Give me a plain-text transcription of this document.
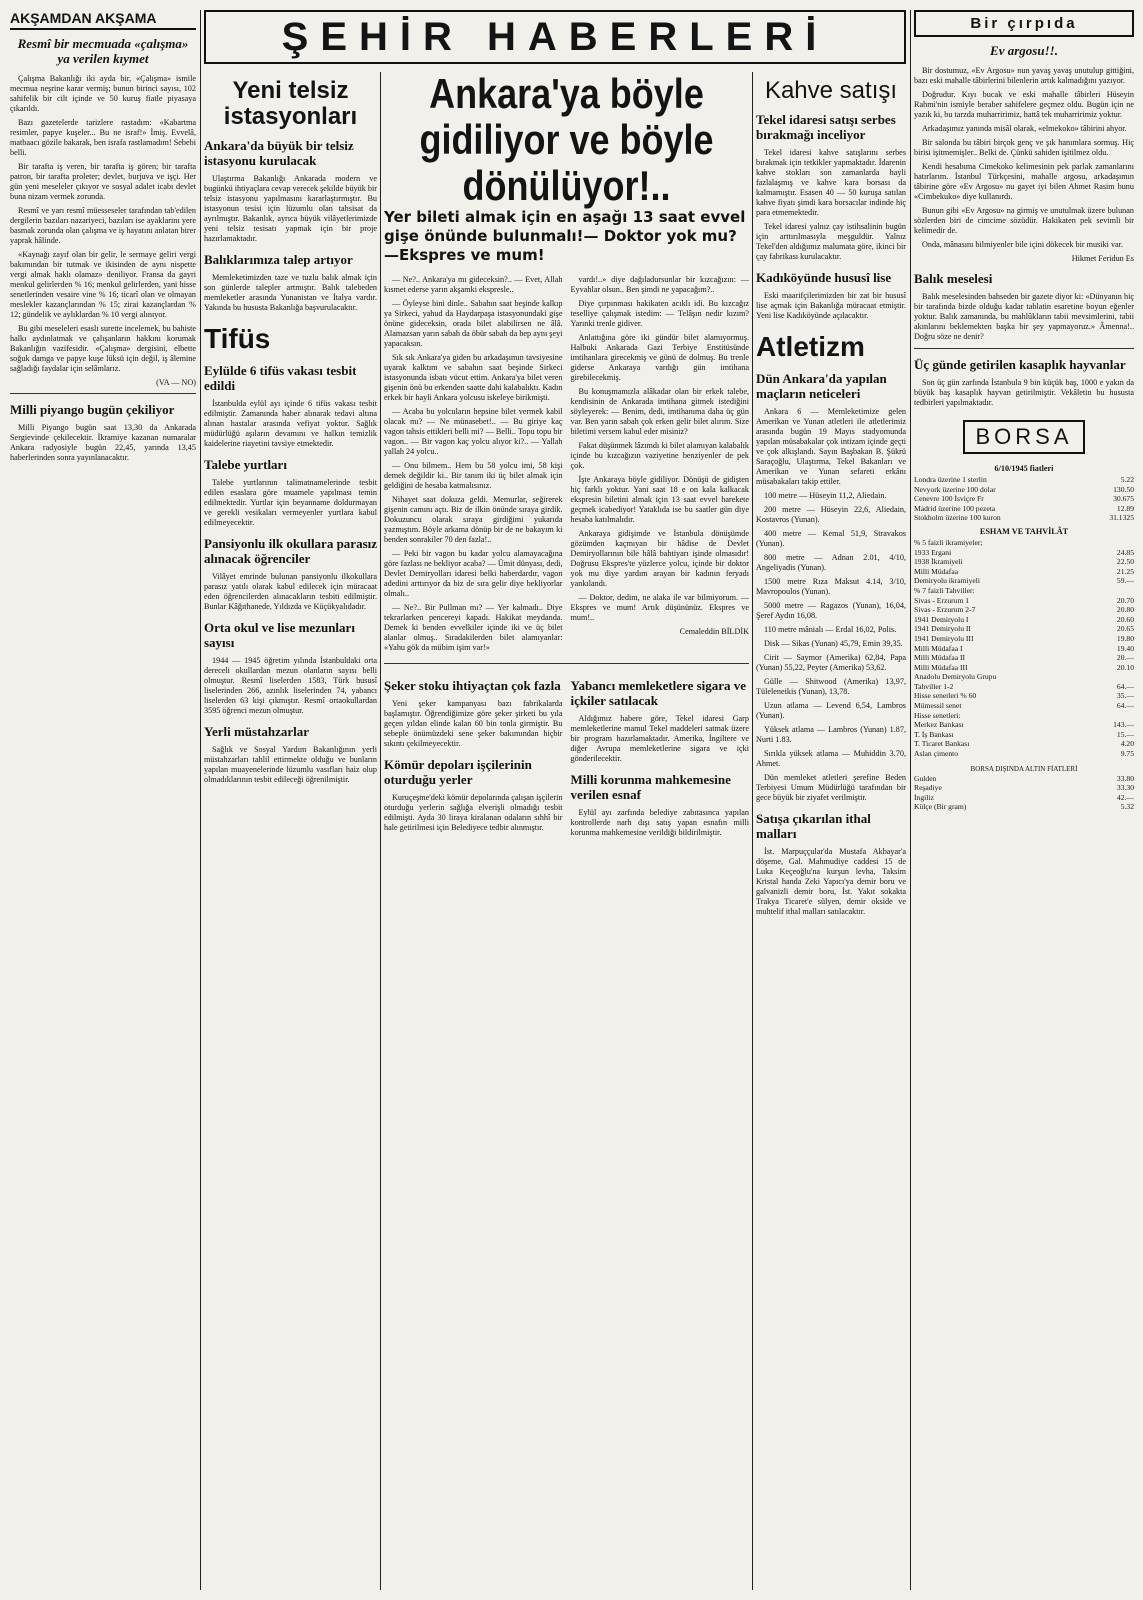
ŞEHİR HABERLERİ
AKŞAMDAN AKŞAMA
Resmî bir mecmuada «çalışma» ya verilen kıymet

Çalışma Bakanlığı iki ayda bir, «Çalışma» ismile mecmua neşrine karar vermiş; bunun birinci sayısı, 102 sahifelik bir cilt içinde ve 50 kuruş fiatle piyasaya çıkarıldı.

Bazı gazetelerde tarizlere rastadım: «Kabartma resimler, papye kuşeler... Bu ne israf!» İmiş. Evvelâ, matbaacı gözile bakarak, ben israfa rastlamadım! Sebebi belli.

Bir tarafta iş veren, bir tarafta iş gören; bir tarafta patron, bir tarafta proleter; devlet, burjuva ve işçi. Her gün yeni meseleler çıkıyor ve sosyal adalet icabı devlet buna nizam vermek zorunda.

Resmî ve yarı resmî müesseseler tarafından tab'edilen dergilerin bazıları nazariyeci, bazıları ise ayaklarını yere basmak zorunda olan çalışma ve iş hayatını anlatan birer yaprak hâlinde.

«Kaynağı zayıf olan bir gelir, le sermaye geliri vergi bakımından bir tutmak ve ikisinden de aynı nispette vergi almak haklı olamaz» deniliyor. Fransa da gayri menkul gelirlerden % 16; menkul gelirlerden, yani hisse senetlerinden vesaire vine % 16; ticarî olan ve olmayan meslekler kazançlarından % 15; zirai kazançlardan % 12; gündelik ve aylıklardan % 10 vergi alınıyor.

Bu gibi meseleleri esaslı surette incelemek, bu bahiste halkı aydınlatmak ve çalışanların hakkını korumak Bakanlığın vazifesidir. «Çalışma» dergisini, elbette soğuk damga ve papye kuşe lüksü için değil, iş âlemine sağladığı faydalar için selâmlarız.

(VA — NO)
Milli piyango bugün çekiliyor

Milli Piyango bugün saat 13,30 da Ankarada Sergievinde çekilecektir. İkramiye kazanan numaralar Ankara radyosiyle bugün 22,45, yarında 13,45 haberlerinden sonra yayınlanacaktır.

Yeni telsiz istasyonları
Ankara'da büyük bir telsiz istasyonu kurulacak

Ulaştırma Bakanlığı Ankarada modern ve bugünkü ihtiyaçlara cevap verecek şekilde büyük bir telsiz istasyonu yapılmasını kararlaştırmıştır. Bu istasyonun tesisi için lüzumlu olan tahsisat da ayrılmıştır. Bakanlık, ayrıca büyük vilâyetlerimizde yeni telsiz tesisatı yapmak için bir proje hazırlamaktadır.

Balıklarımıza talep artıyor

Memleketimizden taze ve tuzlu balık almak için son günlerde talepler artmıştır. Balık talebeden memleketler arasında Yunanistan ve İtalya vardır. Yakında bu hususta Bakanlığa başvurulacaktır.

Tifüs
Eylülde 6 tifüs vakası tesbit edildi

İstanbulda eylül ayı içinde 6 tifüs vakası tesbit edilmiştir. Zamanında haber alınarak tedavi altına alınan hastalar arasında vefiyat yoktur. Sağlık müdürlüğü aşıların devamını ve halkın temizlik kaidelerine riayetini tavsiye etmektedir.

Talebe yurtları

Talebe yurtlarının talimatnamelerinde tesbit edilen esaslara göre muamele yapılması temin edilmektedir. Yurtlar için beyanname doldurmayan ve gerekli vesikaları vermeyenler yurtlara kabul edilmeyecektir.

Pansiyonlu ilk okullara parasız alınacak öğrenciler

Vilâyet emrinde bulunan pansiyonlu ilkokullara parasız yatılı olarak kabul edilecek için müracaat eden öğrencilerden alınacakların tesbiti edilmiştir. Bunlar Kâğıthanede, Yıldızda ve Küçükyalıdadır.

Orta okul ve lise mezunları sayısı

1944 — 1945 öğretim yılında İstanbuldaki orta dereceli okullardan mezun olanların sayısı belli olmuştur. Resmî liselerden 1583, Türk hususî liselerinden 266, azınlık liselerinden 74, yabancı liselerden 63 kişi çıkmıştır. Resmî ortaokullardan 3595 öğrenci mezun olmuştur.

Yerli müstahzarlar

Sağlık ve Sosyal Yardım Bakanlığının yerli müstahzarları tahlil ettirmekte olduğu ve bunların yapılan muayenelerinde lüzumlu vasıfları haiz olup olmadıklarının tesbit edileceği öğrenilmiştir.

Ankara'ya böyle gidiliyor ve böyle dönülüyor!..
Yer bileti almak için en aşağı 13 saat evvel gişe önünde bulunmalı!— Doktor yok mu? —Ekspres ve mum!

— Ne?.. Ankara'ya mı gideceksin?.. — Evet, Allah kısmet ederse yarın akşamki ekspresle..

— Öyleyse bini dinle.. Sabahın saat beşinde kalkıp ya Sirkeci, yahud da Haydarpaşa istasyonundaki gişe önüne gideceksin, orada bilet alabilirsen ne âlâ. Alamazsan yarın sabah da öbür sabah da hep aynı şeyi yapacaksın.

Sık sık Ankara'ya giden bu arkadaşımın tavsiyesine uyarak kalktım ve sabahın saat beşinde Sirkeci istasyonunda isbatı vücut ettim. Ankara'ya bilet veren gişenin önü bu erkenden saatte dahi kalabalıktı. Kadın erkek bir hayli Ankara yolcusu iskeleye birikmişti.

— Acaba bu yolcuların hepsine bilet vermek kabil olacak mı? — Ne münasebet!.. — Bu giriye kaç vagon tahsis ettikleri belli mi? — Belli.. Topu topu bir vagon.. — Bir vagon kaç yolcu alıyor ki?.. — Yallah yallah 24 yolcu..

— Onu bilmem.. Hem bu 58 yolcu imi, 58 kişi demek değildir ki.. Bir tanım iki üç bilet almak için geldiğini de hesaba katmalısınız.

Nihayet saat dokuza geldi. Memurlar, seğirerek gişenin camını açtı. Biz de ilkin önünde sıraya girdik. Dokuzuncu olarak sıraya girdiğimi yukarıda yazmıştım. Böyle arkama dönüp bir de ne bakayım ki benden sonrakiler 70 den fazla!..

— Peki bir vagon bu kadar yolcu alamayacağına göre fazlası ne bekliyor acaba? — Ümit dünyası, dedi, Devlet Demiryolları idaresi belki haberdardır, vagon adedini arttırıyor da biz de sıra gelir diye bekliyorlar olmalı..

— Ne?.. Bir Pullman mı? — Yer kalmadı.. Diye tekrarlarken pencereyi kapadı. Hakikat meydanda. Demek ki benden evvelkiler içinde iki ve üç bilet alanlar olmuş.. Sıradakilerden bilet alamıyanlar: «Yahu gök da mübim işim var!»

vardı!..» diye dağıladursunlar bir kızcağızın: — Eyvahlar olsun.. Ben şimdi ne yapacağım?..

Diye çırpınması hakikaten acıklı idi. Bu kızcağız teselliye çalışmak istedim: — Telâşın nedir kızım? Yarınki trenle gidiver.

Anlattığına göre iki gündür bilet alamıyormuş. Halbuki Ankarada Gazi Terbiye Enstitüsünde imtihanlara girecekmiş ve günü de dolmuş. Bu trenle giderse Ankaraya vardığı gün imtihana girebilecekmiş.

Bu konuşmamızla alâkadar olan bir erkek talebe, kendisinin de Ankarada imtihana gitmek istediğini söyleyerek: — Benim, dedi, imtihanıma daha üç gün var. Ben yarın sabah çok erken gelir bilet alırım. Size biletimi versem kabul eder misiniz?

Fakat düşünmek lâzımdı ki bilet alamıyan kalabalık içinde bu kızcağızın vaziyetine benziyenler de pek çok.

İşte Ankaraya böyle gidiliyor. Dönüşü de gidişten hiç farklı yoktur. Yani saat 18 e on kala kalkacak ekspresin biletini almak için 13 saat evvel harekete geçmek icabediyor! Yataklıda ise bu saatler gün diye hesaba katılmalıdır.

Ankaraya gidişimde ve İstanbula dönüşümde gözümden kaçmıyan bir hâdise de Devlet Demiryollarının bile hâlâ bahtiyarı işinde olmasıdır! Doğrusu Ekspres'te yüzlerce yolcu, içinde bir doktor yok mu diye yardım arayan bir kadının feryadı yankılandı.

— Doktor, dedim, ne alaka ile var bilmiyorum. — Ekspres ve mum! Artık düşününüz. Ekspres ve mum!..

Cemaleddin BİLDİK
Şeker stoku ihtiyaçtan çok fazla

Yeni şeker kampanyası bazı fabrikalarda başlamıştır. Öğrendiğimize göre şeker şirketi bu yıla geçen yıldan elinde kalan 60 bin tonla girmiştir. Bu sebeple önümüzdeki sene şeker bakımından hiçbir sıkıntı çekilmeyecektir.

Kömür depoları işçilerinin oturduğu yerler

Kuruçeşme'deki kömür depolarında çalışan işçilerin oturduğu yerlerin sağlığa elverişli olmadığı tesbit edilmişti. Ayda 30 liraya kiralanan odaların sıhhî bir hale getirilmesi için Belediyece tedbir alınmıştır.

Yabancı memleketlere sigara ve içkiler satılacak

Aldığımız habere göre, Tekel idaresi Garp memleketlerine mamul Tekel maddeleri satmak üzere bir program hazırlamaktadır. Amerika, İngiltere ve diğer Avrupa memleketlerine sigara ve içki gönderilecektir.

Milli korunma mahkemesine verilen esnaf

Eylül ayı zarfında belediye zabıtasınca yapılan kontrollerde narh dışı satış yapan esnafın milli korunma mahkemesine verildiği bildirilmiştir.

Kahve satışı
Tekel idaresi satışı serbes bırakmağı inceliyor

Tekel idaresi kahve satışlarını serbes bırakmak için tetkikler yapmaktadır. İdarenin kahve stokları son zamanlarda hayli fazlalaşmış ve kahve kara borsası da kalmamıştır. Esasen 40 — 50 kuruşa satılan kahve fiyatı şimdi kara borsacılar indinde hiç para etmemektedir.

Tekel idaresi yalnız çay istihsalinin bugün için arttırılmasıyla meşguldür. Yalnız Tekel'den aldığımız malumata göre, ikinci bir çay fabrikası kurulacaktır.

Kadıköyünde hususî lise

Eski maarifçilerimizden bir zat bir hususî lise açmak için Bakanlığa müracaat etmiştir. Yeni lise Kadıköyünde açılacaktır.

Atletizm
Dün Ankara'da yapılan maçların neticeleri

Ankara 6 — Memleketimize gelen Amerikan ve Yunan atletleri ile atletlerimiz arasında bugün 19 Mayıs stadyomunda yapılan müsabakalar çok intizam içinde geçti ve çok alkışlandı. Sayın Başbakan B. Şükrü Saraçoğlu, Ulaştırma, Tekel Bakanları ve Amerikan ve Yunan sefareti erkânı müsabakaları takip ettiler.

100 metre — Hüseyin 11,2, Aliedain.

200 metre — Hüseyin 22,6, Aliedain, Kostavros (Yunan).

400 metre — Kemal 51,9, Stravakos (Yunan).

800 metre — Adnan 2.01, 4/10, Angeliyadis (Yunan).

1500 metre Rıza Maksut 4.14, 3/10, Mavropoulos (Yunan).

5000 metre — Ragazos (Yunan), 16,04, Şeref Aydın 16,08.

110 metre mânialı — Erdal 16,02, Polis.

Disk — Sikas (Yunan) 45,79, Emin 39,35.

Cirit — Saymor (Amerika) 62,84, Papa (Yunan) 55,22, Peyter (Amerika) 53,62.

Gülle — Shitwood (Amerika) 13,97, Tüleleneikis (Yunan), 13,78.

Uzun atlama — Levend 6,54, Lambros (Yunan).

Yüksek atlama — Lambros (Yunan) 1.87, Nurti 1.83.

Sırıkla yüksek atlama — Muhiddin 3.70, Ahmet.

Dün memleket atletleri şerefine Beden Terbiyesi Umum Müdürlüğü tarafından bir gece büyük bir ziyafet verilmiştir.

Satışa çıkarılan ithal malları

İst. Marpuççular'da Mustafa Akbayar'a döşeme, Gal. Mahmudiye caddesi 15 de Luka Keçeoğlu'na kurşun levha, Taksim Kristal handa Zeki Yapıcı'ya demir boru ve galvanizli demir boru, İst. Yakıt sokakta Trakya Ticaret'e sülyen, demir okside ve muhtelif ithal malları satılacaktır.

Bir çırpıda
Ev argosu!!.

Bir dostumuz, «Ev Argosu» nun yavaş yavaş unutulup gittiğini, bazı eski mahalle tâbirlerini bilenlerin artık kalmadığını yazıyor.

Doğrudur. Kıyı bucak ve eski mahalle tâbirleri Hüseyin Rahmi'nin ismiyle beraber sahifelere geçmez oldu. Bugün için ne yazık ki, bu tarzda muharririmiz, hattâ tek muharririmiz yoktur.

Arkadaşımız yanında misâl olarak, «elmekoko» tâbirini ahyor.

Bir salonda bu tâbiri birçok genç ve şık hanımlara sormuş. Hiç birisi işitmemişler.. Belki de. Çünkü sahiden işitilmez oldu.

Kendi hesabıma Cimekoko kelimesinin pek parlak zamanlarını hatırlarım. İstanbul Türkçesini, mahalle argosu, arkadaşımın tâbirine göre «Ev Argosu» nu gayet iyi bilen Ahmet Rasim bunu «Cimbekuko» diye kullanırdı.

Bunun gibi «Ev Argosu» na girmiş ve unutulmak üzere bulunan sözlerden biri de cimcime sözüdür. Hakikaten pek sevimli bir kelimedir de.

Onda, mânasını bilmiyenler bile içini dökecek bir musiki var.

Hikmet Feridun Es
Balık meselesi

Balık meselesinden bahseden bir gazete diyor ki: «Dünyanın hiç bir tarafında bizde olduğu kadar tablatin esaretine boyun eğenler yoktur. Balık zamanında, bu mahlûkların tabii mevsimlerini, tabii akınlarını beklemekten başka bir şey yapmayoruz.» Âmenna!.. Doğru söze ne denir?

Üç günde getirilen kasaplık hayvanlar

Son üç gün zarfında İstanbula 9 bin küçük baş, 1000 e yakın da büyük baş kasaplık hayvan getirilmiştir. Vekâletin bu hususta tedbirleri yapılmaktadır.

BORSA
6/10/1945 fiatleri
Londra üzerine 1 sterlin	5.22
Nevyork üzerine 100 dolar	130.50
Cenevre 100 İsviçre Fr	30.675
Madrid üzerine 100 pezeta	12.89
Stokholm üzerine 100 kuron	31.1325
ESHAM VE TAHVİLÂT
% 5 faizli ikramiyeler;
1933 Ergani	24.85
1938 İkramiyeli	22.50
Milli Müdafaa	21.25
Demiryolu ikramiyeli	59.—
% 7 faizli Tahviller:
Sivas - Erzurum 1	20.70
Sivas - Erzurum 2-7	20.80
1941 Demiryolu I	20.60
1941 Demiryolu II	20.65
1941 Demiryolu III	19.80
Milli Müdafaa I	19.40
Milli Müdafaa II	20.—
Milli Müdafaa III	20.10
Anadolu Demiryolu Grupu
Tahviller 1-2	64.—
Hisse senetleri % 60	35.—
Mümessil senet	64.—
Hisse senetleri:
Merkez Bankası	143.—
T. İş Bankası	15.—
T. Ticaret Bankası	4.20
Aslan çimento	9.75
BORSA DIŞINDA ALTIN FİATLERİ
Gulden	33.80
Reşadiye	33.30
İngiliz	42.—
Külçe (Bir gram)	5.32
